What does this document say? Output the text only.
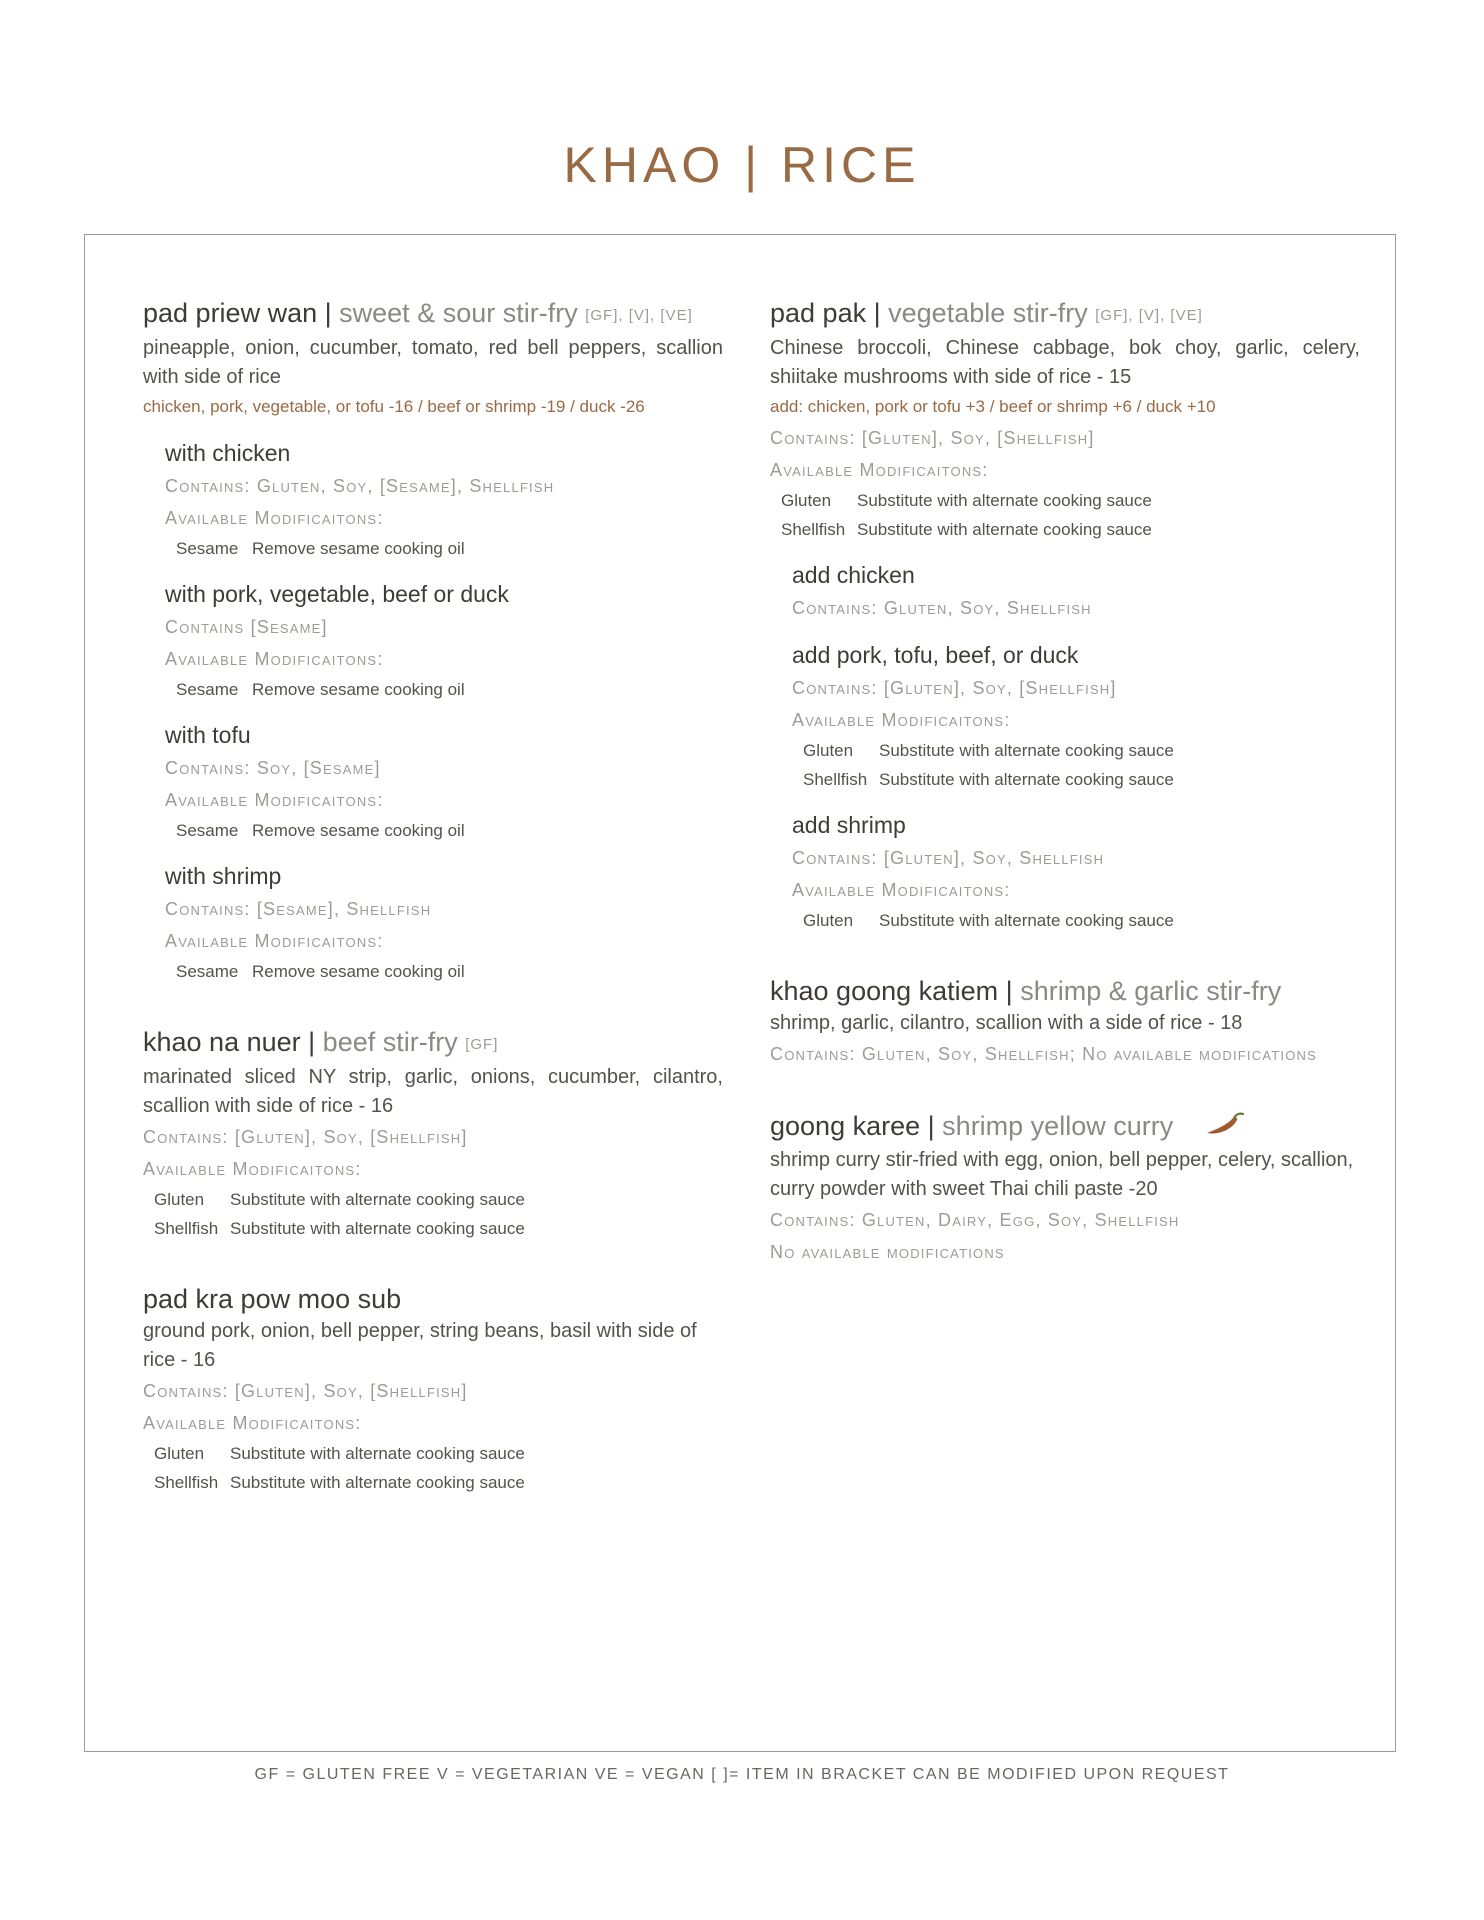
KHAO | RICE
pad priew wan | sweet & sour stir-fry [GF], [V], [VE]
pineapple, onion, cucumber, tomato, red bell peppers, scallion with side of rice
chicken, pork, vegetable, or tofu -16 / beef or shrimp -19 / duck -26
with chicken
Contains: Gluten, Soy, [Sesame], Shellfish
Available Modificaitons:
Sesame Remove sesame cooking oil
with pork, vegetable, beef or duck
Contains [Sesame]
Available Modificaitons:
Sesame Remove sesame cooking oil
with tofu
Contains: Soy, [Sesame]
Available Modificaitons:
Sesame Remove sesame cooking oil
with shrimp
Contains: [Sesame], Shellfish
Available Modificaitons:
Sesame Remove sesame cooking oil
khao na nuer | beef stir-fry [GF]
marinated sliced NY strip, garlic, onions, cucumber, cilantro, scallion with side of rice - 16
Contains: [Gluten], Soy, [Shellfish]
Available Modificaitons:
Gluten	Substitute with alternate cooking sauce
Shellfish Substitute with alternate cooking sauce
pad kra pow moo sub
ground pork, onion, bell pepper, string beans, basil with side of rice - 16
Contains: [Gluten], Soy, [Shellfish]
Available Modificaitons:
Gluten	Substitute with alternate cooking sauce
Shellfish Substitute with alternate cooking sauce
pad pak | vegetable stir-fry [GF], [V], [VE]
Chinese broccoli, Chinese cabbage, bok choy, garlic, celery, shiitake mushrooms with side of rice - 15
add: chicken, pork or tofu +3 / beef or shrimp +6 / duck +10
Contains: [Gluten], Soy, [Shellfish]
Available Modificaitons:
Gluten	Substitute with alternate cooking sauce
Shellfish Substitute with alternate cooking sauce
add chicken
Contains: Gluten, Soy, Shellfish
add pork, tofu, beef, or duck
Contains: [Gluten], Soy, [Shellfish]
Available Modificaitons:
Gluten	Substitute with alternate cooking sauce
Shellfish Substitute with alternate cooking sauce
add shrimp
Contains: [Gluten], Soy, Shellfish
Available Modificaitons:
Gluten	Substitute with alternate cooking sauce
khao goong katiem | shrimp & garlic stir-fry
shrimp, garlic, cilantro, scallion with a side of rice - 18
Contains: Gluten, Soy, Shellfish; No available modifications
goong karee | shrimp yellow curry
shrimp curry stir-fried with egg, onion, bell pepper, celery, scallion, curry powder with sweet Thai chili paste -20
Contains: Gluten, Dairy, Egg, Soy, Shellfish
No available modifications
GF = GLUTEN FREE V = VEGETARIAN VE = VEGAN [ ]= ITEM IN BRACKET CAN BE MODIFIED UPON REQUEST
